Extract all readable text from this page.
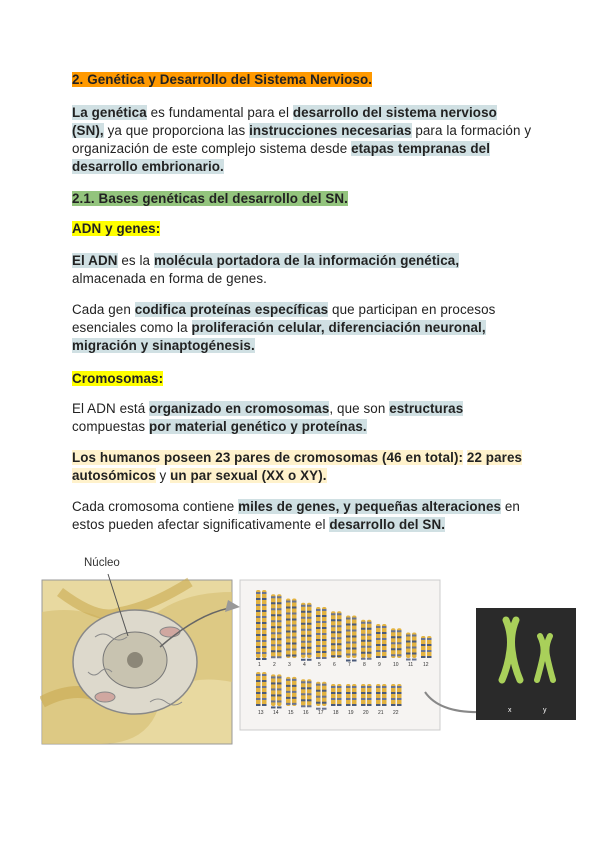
2. Genética y Desarrollo del Sistema Nervioso.
La genética es fundamental para el desarrollo del sistema nervioso (SN), ya que proporciona las instrucciones necesarias para la formación y organización de este complejo sistema desde etapas tempranas del desarrollo embrionario.
2.1. Bases genéticas del desarrollo del SN.
ADN y genes:
El ADN es la molécula portadora de la información genética, almacenada en forma de genes.
Cada gen codifica proteínas específicas que participan en procesos esenciales como la proliferación celular, diferenciación neuronal, migración y sinaptogénesis.
Cromosomas:
El ADN está organizado en cromosomas, que son estructuras compuestas por material genético y proteínas.
Los humanos poseen 23 pares de cromosomas (46 en total): 22 pares autosómicos y un par sexual (XX o XY).
Cada cromosoma contiene miles de genes, y pequeñas alteraciones en estos pueden afectar significativamente el desarrollo del SN.
1 2 3 4 5 6 7 8 9 10 11 12
13 14 15 16 17 18 19 20 21 22	x	y
Núcleo
